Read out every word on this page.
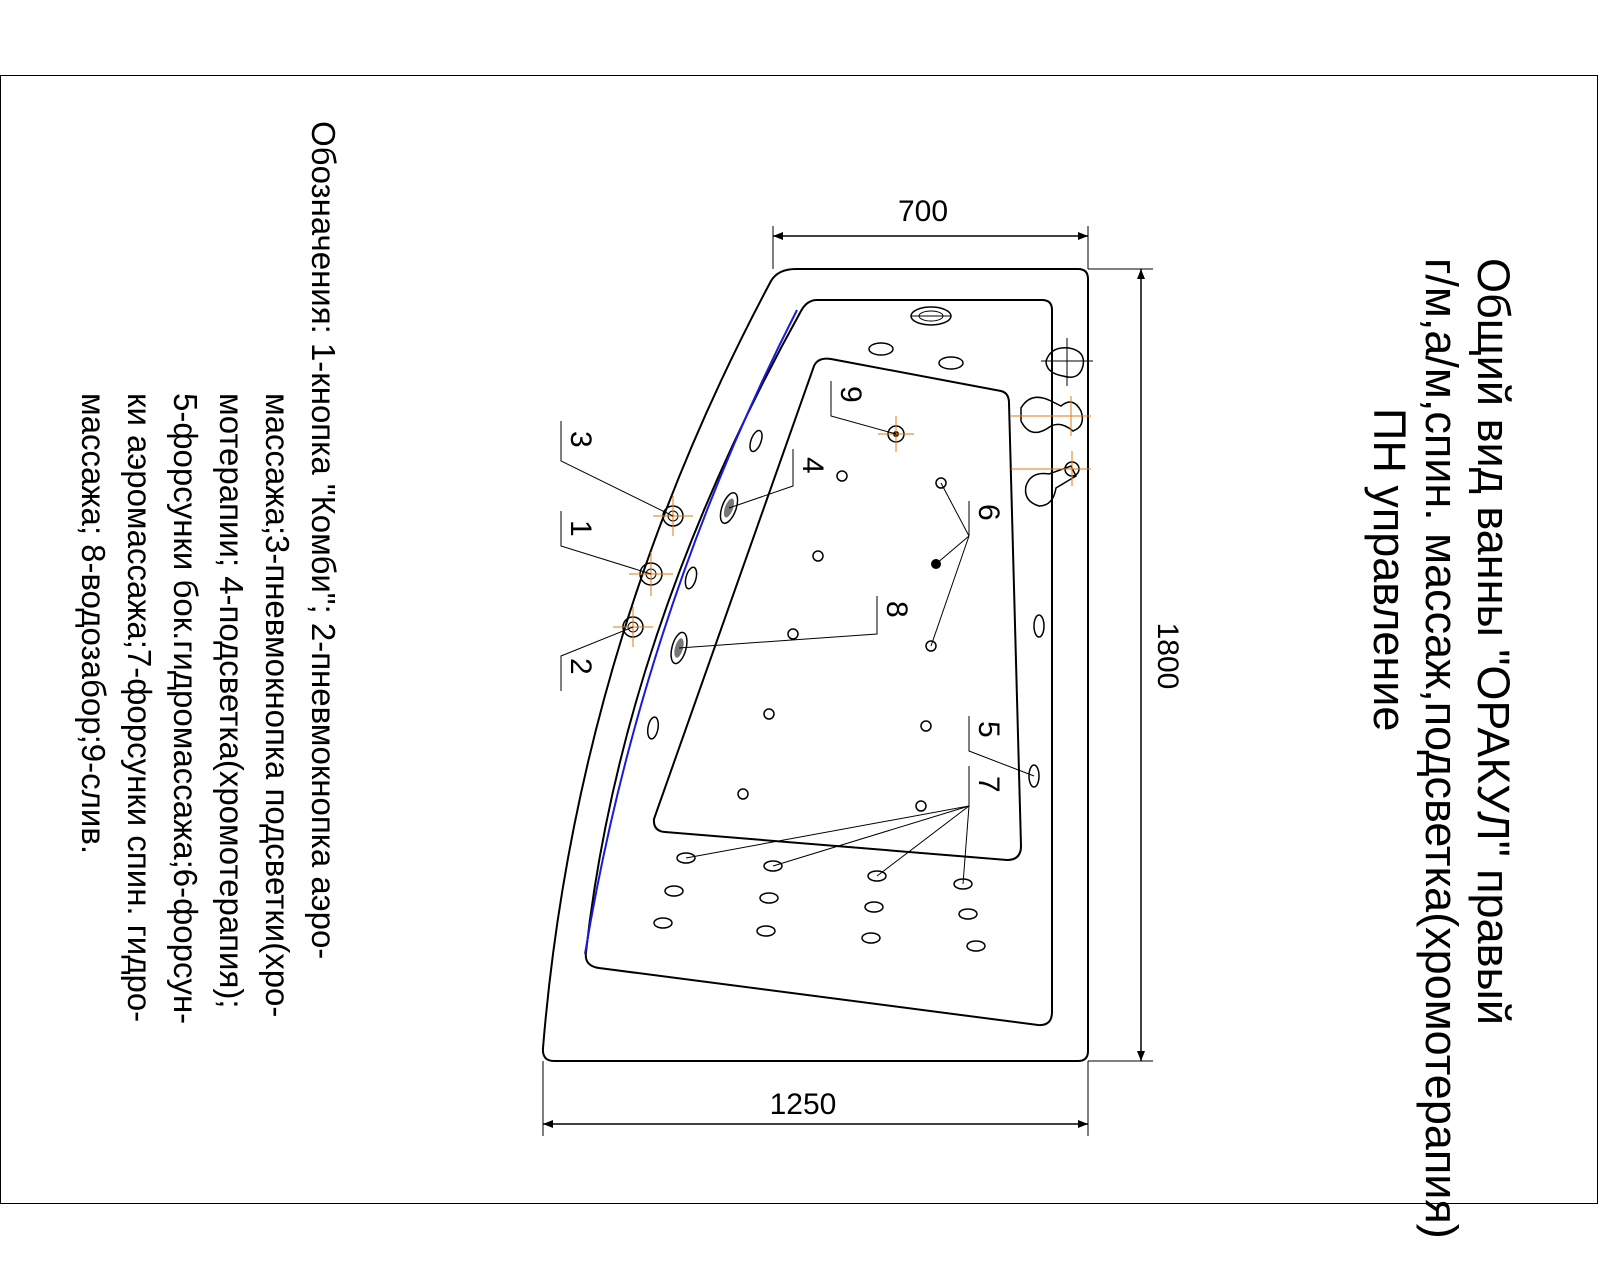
700
1800
1250
3
1
2
4
9
6
8
5
7	Общий вид ванны "ОРАКУЛ" правый
г/м,а/м,спин. массаж,подсветка(хромотерапия)
ПН управление
Обозначения: 1-кнопка "Комби"; 2-пневмокнопка аэро-
массажа;3-пневмокнопка подсветки(хро-
мотерапии; 4-подсветка(хромотерапия);
5-форсунки бок.гидромассажа;6-форсун-
ки аэромассажа;7-форсунки спин. гидро-
массажа; 8-водозабор;9-слив.
